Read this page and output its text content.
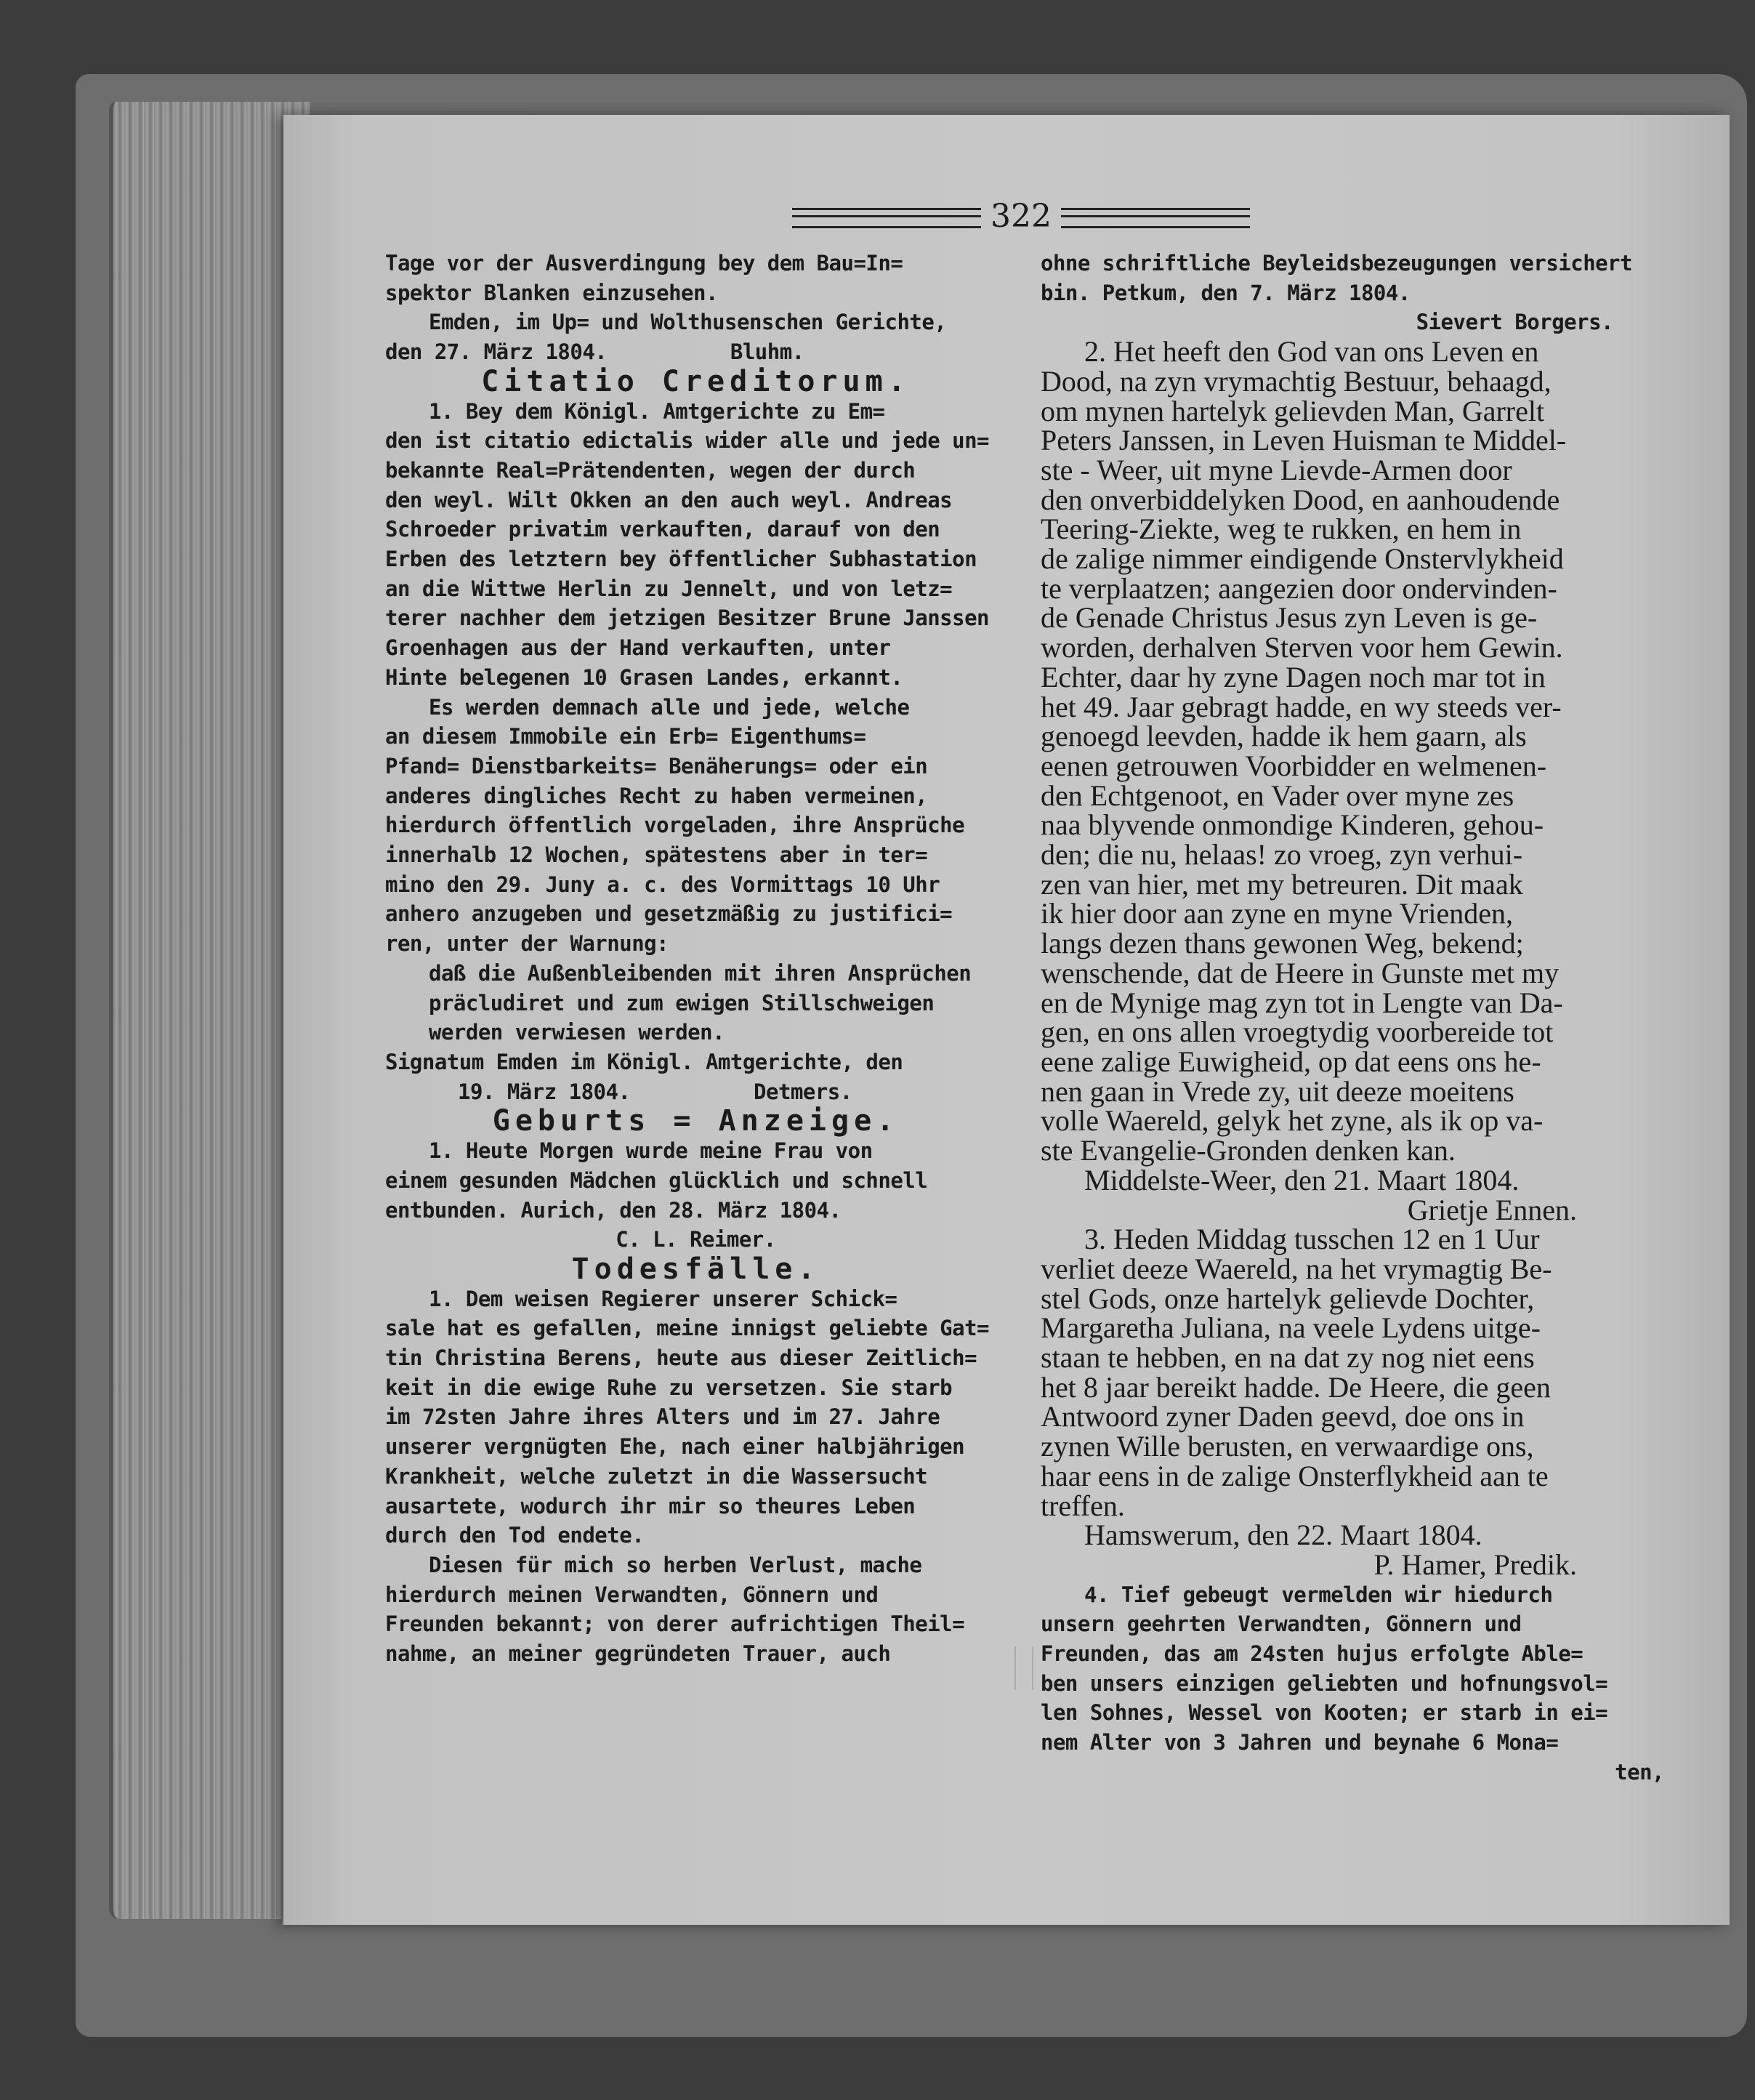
322
Tage vor der Ausverdingung bey dem Bau=In=
spektor Blanken einzusehen.
Emden, im Up= und Wolthusenschen Gerichte,
den 27. März 1804.          Bluhm.
Citatio Creditorum.
1. Bey dem Königl. Amtgerichte zu Em=
den ist citatio edictalis wider alle und jede un=
bekannte Real=Prätendenten, wegen der durch
den weyl. Wilt Okken an den auch weyl. Andreas
Schroeder privatim verkauften, darauf von den
Erben des letztern bey öffentlicher Subhastation
an die Wittwe Herlin zu Jennelt, und von letz=
terer nachher dem jetzigen Besitzer Brune Janssen
Groenhagen aus der Hand verkauften, unter
Hinte belegenen 10 Grasen Landes, erkannt.
Es werden demnach alle und jede, welche
an diesem Immobile ein Erb= Eigenthums=
Pfand= Dienstbarkeits= Benäherungs= oder ein
anderes dingliches Recht zu haben vermeinen,
hierdurch öffentlich vorgeladen, ihre Ansprüche
innerhalb 12 Wochen, spätestens aber in ter=
mino den 29. Juny a. c. des Vormittags 10 Uhr
anhero anzugeben und gesetzmäßig zu justifici=
ren, unter der Warnung:
daß die Außenbleibenden mit ihren Ansprüchen
präcludiret und zum ewigen Stillschweigen
werden verwiesen werden.
Signatum Emden im Königl. Amtgerichte, den
19. März 1804.          Detmers.
Geburts = Anzeige.
1. Heute Morgen wurde meine Frau von
einem gesunden Mädchen glücklich und schnell
entbunden. Aurich, den 28. März 1804.
C. L. Reimer.
Todesfälle.
1. Dem weisen Regierer unserer Schick=
sale hat es gefallen, meine innigst geliebte Gat=
tin Christina Berens, heute aus dieser Zeitlich=
keit in die ewige Ruhe zu versetzen. Sie starb
im 72sten Jahre ihres Alters und im 27. Jahre
unserer vergnügten Ehe, nach einer halbjährigen
Krankheit, welche zuletzt in die Wassersucht
ausartete, wodurch ihr mir so theures Leben
durch den Tod endete.
Diesen für mich so herben Verlust, mache
hierdurch meinen Verwandten, Gönnern und
Freunden bekannt; von derer aufrichtigen Theil=
nahme, an meiner gegründeten Trauer, auch
ohne schriftliche Beyleidsbezeugungen versichert
bin. Petkum, den 7. März 1804.
Sievert Borgers.
2. Het heeft den God van ons Leven en
Dood, na zyn vrymachtig Bestuur, behaagd,
om mynen hartelyk gelievden Man, Garrelt
Peters Janssen, in Leven Huisman te Middel-
ste - Weer, uit myne Lievde-Armen door
den onverbiddelyken Dood, en aanhoudende
Teering-Ziekte, weg te rukken, en hem in
de zalige nimmer eindigende Onstervlykheid
te verplaatzen; aangezien door ondervinden-
de Genade Christus Jesus zyn Leven is ge-
worden, derhalven Sterven voor hem Gewin.
Echter, daar hy zyne Dagen noch mar tot in
het 49. Jaar gebragt hadde, en wy steeds ver-
genoegd leevden, hadde ik hem gaarn, als
eenen getrouwen Voorbidder en welmenen-
den Echtgenoot, en Vader over myne zes
naa blyvende onmondige Kinderen, gehou-
den; die nu, helaas! zo vroeg, zyn verhui-
zen van hier, met my betreuren. Dit maak
ik hier door aan zyne en myne Vrienden,
langs dezen thans gewonen Weg, bekend;
wenschende, dat de Heere in Gunste met my
en de Mynige mag zyn tot in Lengte van Da-
gen, en ons allen vroegtydig voorbereide tot
eene zalige Euwigheid, op dat eens ons he-
nen gaan in Vrede zy, uit deeze moeitens
volle Waereld, gelyk het zyne, als ik op va-
ste Evangelie-Gronden denken kan.
Middelste-Weer, den 21. Maart 1804.
Grietje Ennen.
3. Heden Middag tusschen 12 en 1 Uur
verliet deeze Waereld, na het vrymagtig Be-
stel Gods, onze hartelyk gelievde Dochter,
Margaretha Juliana, na veele Lydens uitge-
staan te hebben, en na dat zy nog niet eens
het 8 jaar bereikt hadde. De Heere, die geen
Antwoord zyner Daden geevd, doe ons in
zynen Wille berusten, en verwaardige ons,
haar eens in de zalige Onsterflykheid aan te
treffen.
Hamswerum, den 22. Maart 1804.
P. Hamer, Predik.
4. Tief gebeugt vermelden wir hiedurch
unsern geehrten Verwandten, Gönnern und
Freunden, das am 24sten hujus erfolgte Able=
ben unsers einzigen geliebten und hofnungsvol=
len Sohnes, Wessel von Kooten; er starb in ei=
nem Alter von 3 Jahren und beynahe 6 Mona=
ten,
